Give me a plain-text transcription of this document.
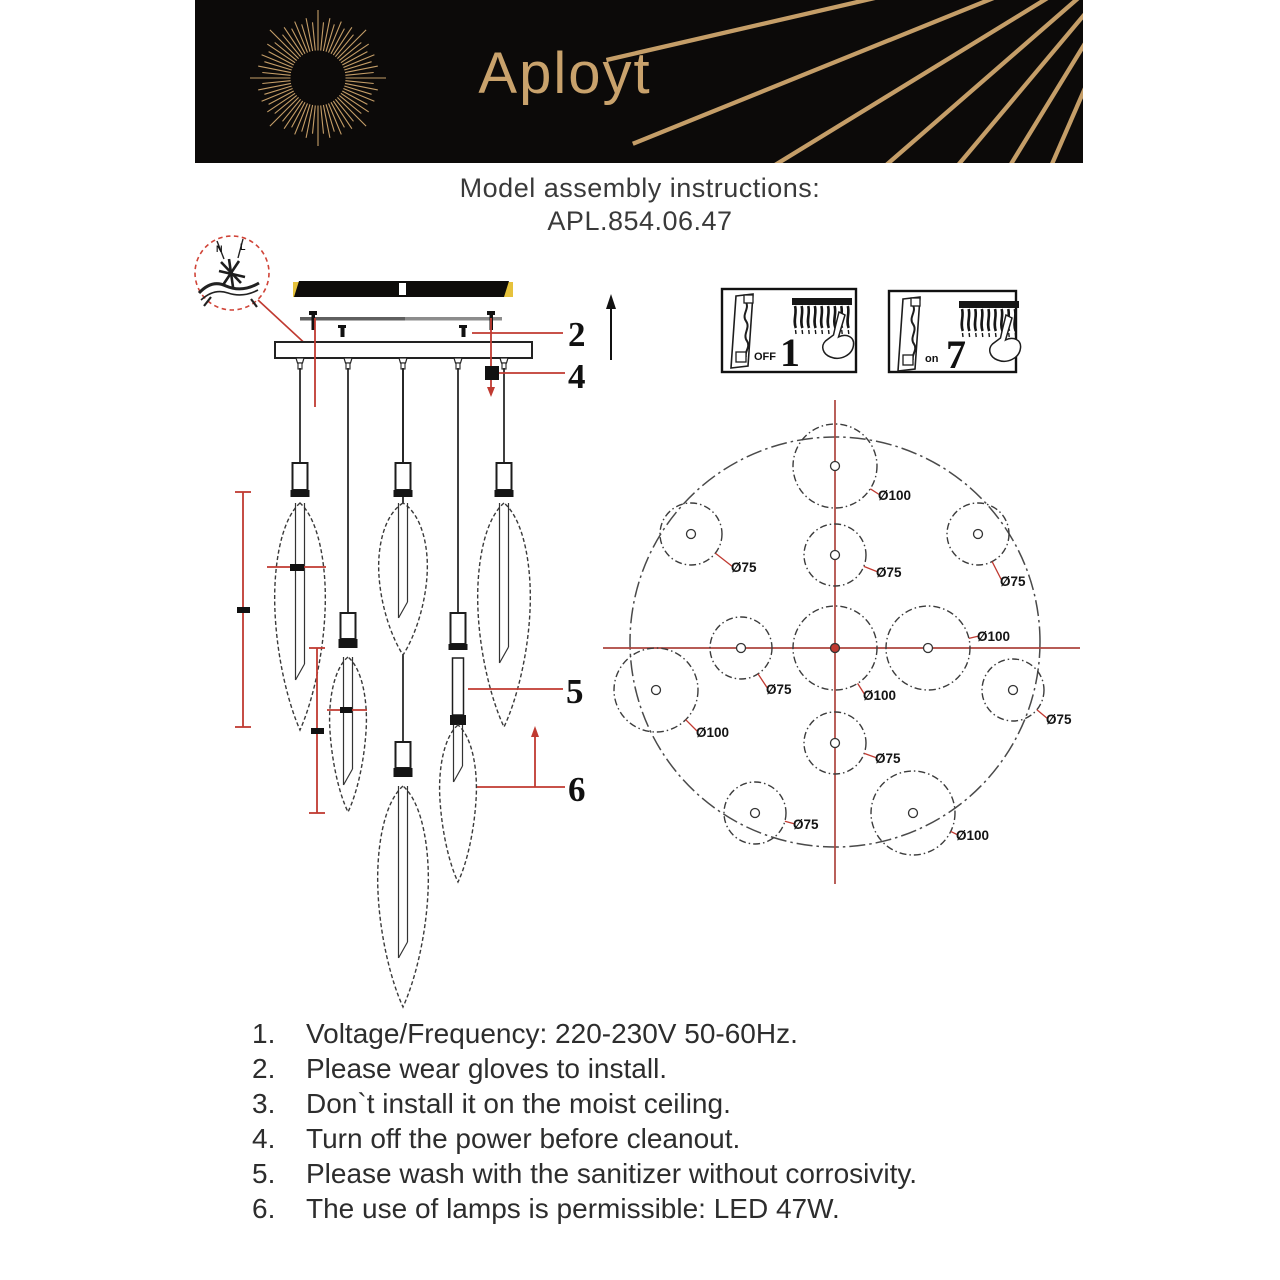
Aployt
Model assembly instructions:
APL.854.06.47
N L
2
4
5
6
OFF 1	on 7
Ø100
Ø75	Ø75
Ø75
Ø75	Ø100
Ø100
Ø100
Ø75
Ø75
Ø75
Ø100
1.	Voltage/Frequency: 220-230V 50-60Hz.
2.	Please wear gloves to install.
3.	Don`t install it on the moist ceiling.
4.	Turn off the power before cleanout.
5.	Please wash with the sanitizer without corrosivity.
6.	The use of lamps is permissible: LED 47W.
